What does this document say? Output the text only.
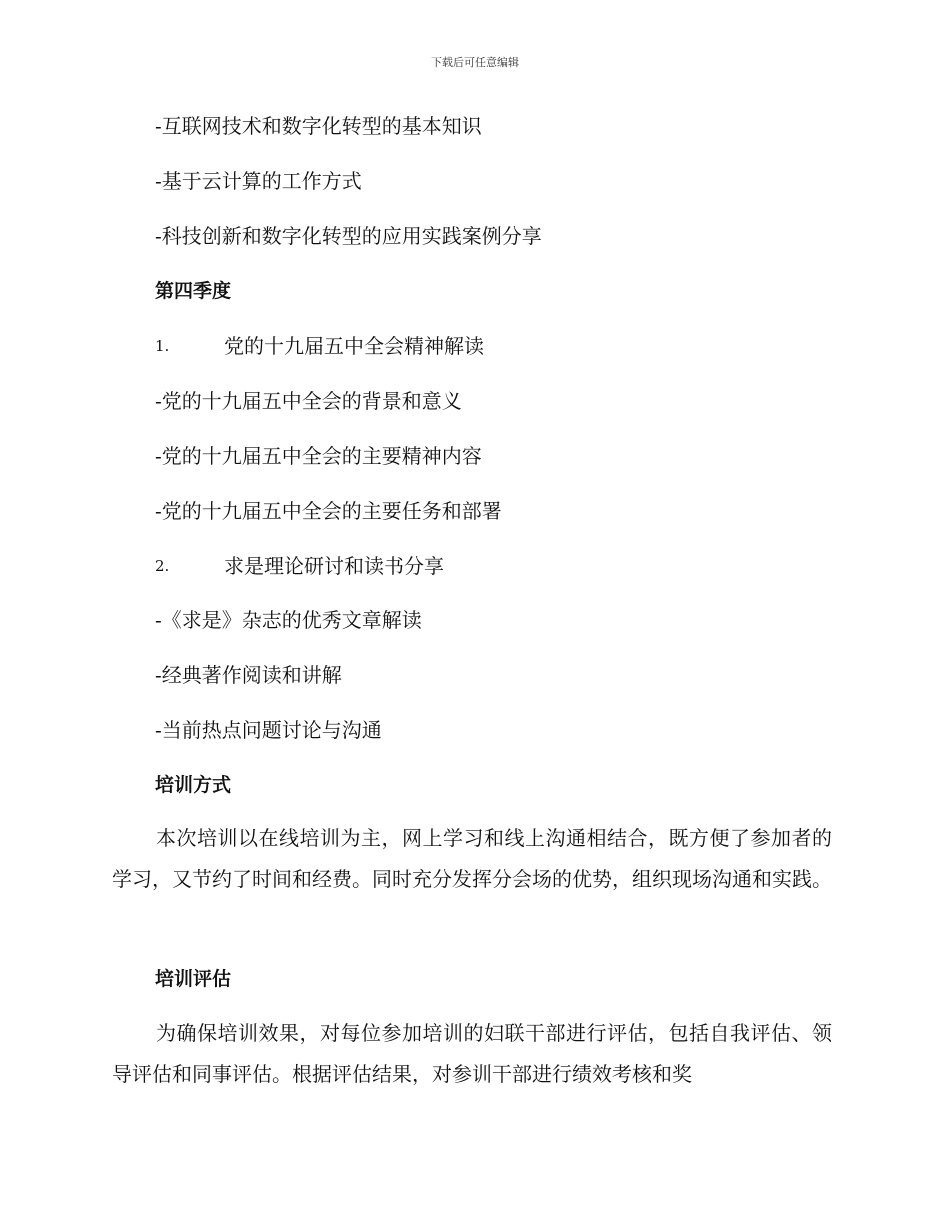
下载后可任意编辑
-互联网技术和数字化转型的基本知识
-基于云计算的工作方式
-科技创新和数字化转型的应用实践案例分享
第四季度
1.	党的十九届五中全会精神解读
-党的十九届五中全会的背景和意义
-党的十九届五中全会的主要精神内容
-党的十九届五中全会的主要任务和部署
2.	求是理论研讨和读书分享
-《求是》杂志的优秀文章解读
-经典著作阅读和讲解
-当前热点问题讨论与沟通
培训方式
本次培训以在线培训为主，网上学习和线上沟通相结合，既方便了参加者的学习，又节约了时间和经费。同时充分发挥分会场的优势，组织现场沟通和实践。
培训评估
为确保培训效果，对每位参加培训的妇联干部进行评估，包括自我评估、领导评估和同事评估。根据评估结果，对参训干部进行绩效考核和奖
